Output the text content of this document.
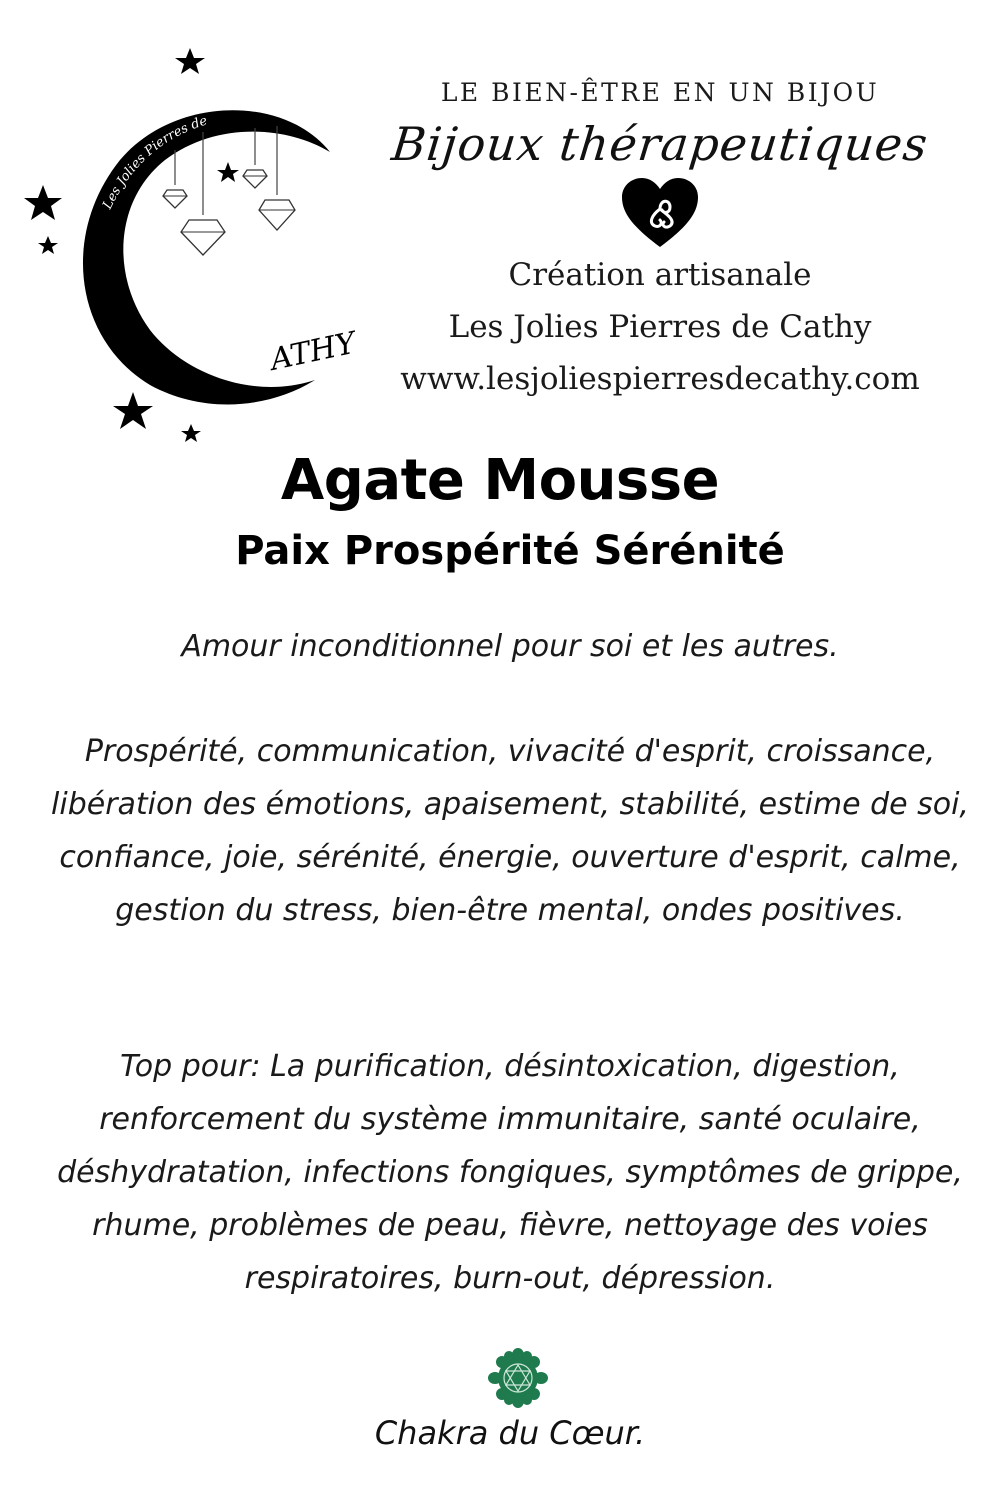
Les Jolies Pierres de
ATHY

LE BIEN-ÊTRE EN UN BIJOU

Bijoux thérapeutiques

Création artisanale

Les Jolies Pierres de Cathy

www.lesjoliespierresdecathy.com

Agate Mousse
Paix Prospérité Sérénité

Amour inconditionnel pour soi et les autres.

Prospérité, communication, vivacité d'esprit, croissance, libération des émotions, apaisement, stabilité, estime de soi, confiance, joie, sérénité, énergie, ouverture d'esprit, calme, gestion du stress, bien-être mental, ondes positives.

Top pour: La purification, désintoxication, digestion, renforcement du système immunitaire, santé oculaire, déshydratation, infections fongiques, symptômes de grippe, rhume, problèmes de peau, fièvre, nettoyage des voies respiratoires, burn-out, dépression.

Chakra du Cœur.
